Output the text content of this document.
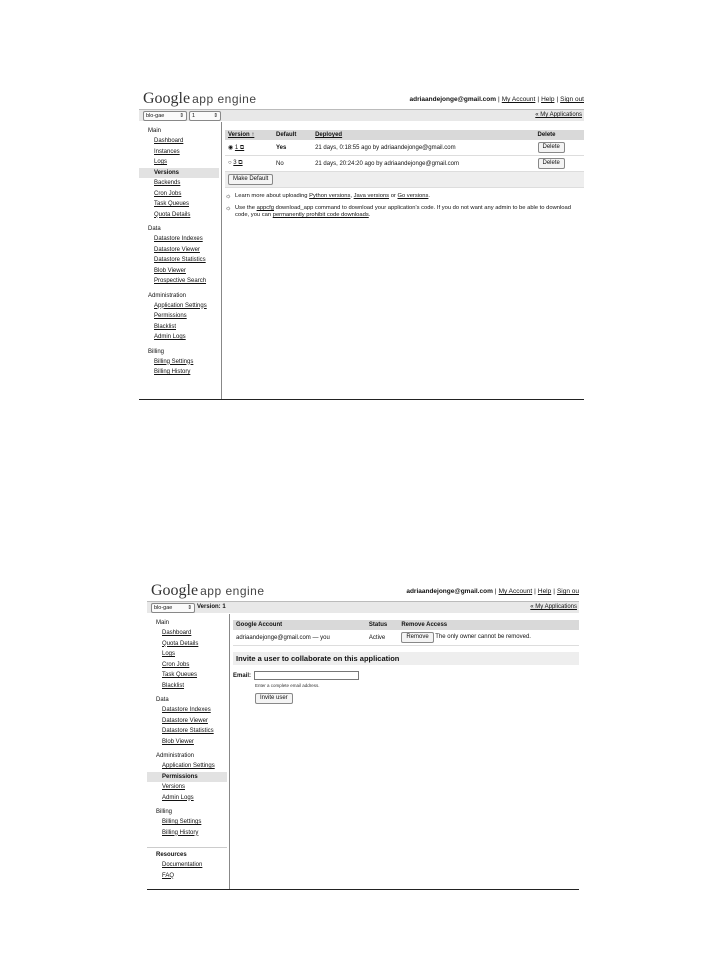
Google app engine	adriaandejonge@gmail.com | My Account | Help | Sign out
blo-gae	⇕	1	⇕	« My Applications
Main
Dashboard
Instances
Logs
Versions
Backends
Cron Jobs
Task Queues
Quota Details
Data
Datastore Indexes
Datastore Viewer
Datastore Statistics
Blob Viewer
Prospective Search
Administration
Application Settings
Permissions
Blacklist
Admin Logs
Billing
Billing Settings
Billing History
Version ↑	Default	Deployed	Delete
◉ 1 ⧉	Yes	21 days, 0:18:55 ago by adriaandejonge@gmail.com	Delete
○ 3 ⧉	No	21 days, 20:24:20 ago by adriaandejonge@gmail.com	Delete
Make Default			
☼ Learn more about uploading Python versions, Java versions or Go versions.
☼ Use the appcfg download_app command to download your application's code. If you do not want any admin to be able to download code, you can permanently prohibit code downloads.
Google app engine	adriaandejonge@gmail.com | My Account | Help | Sign ou
blo-gae	⇕ Version: 1	« My Applications
Main
Dashboard
Quota Details
Logs
Cron Jobs
Task Queues
Blacklist
Data
Datastore Indexes
Datastore Viewer
Datastore Statistics
Blob Viewer
Administration
Application Settings
Permissions
Versions
Admin Logs
Billing
Billing Settings
Billing History
Resources
Documentation
FAQ
Google Account	Status	Remove Access
adriaandejonge@gmail.com — you	Active	Remove The only owner cannot be removed.
Invite a user to collaborate on this application
Email:
Enter a complete email address.
Invite user
